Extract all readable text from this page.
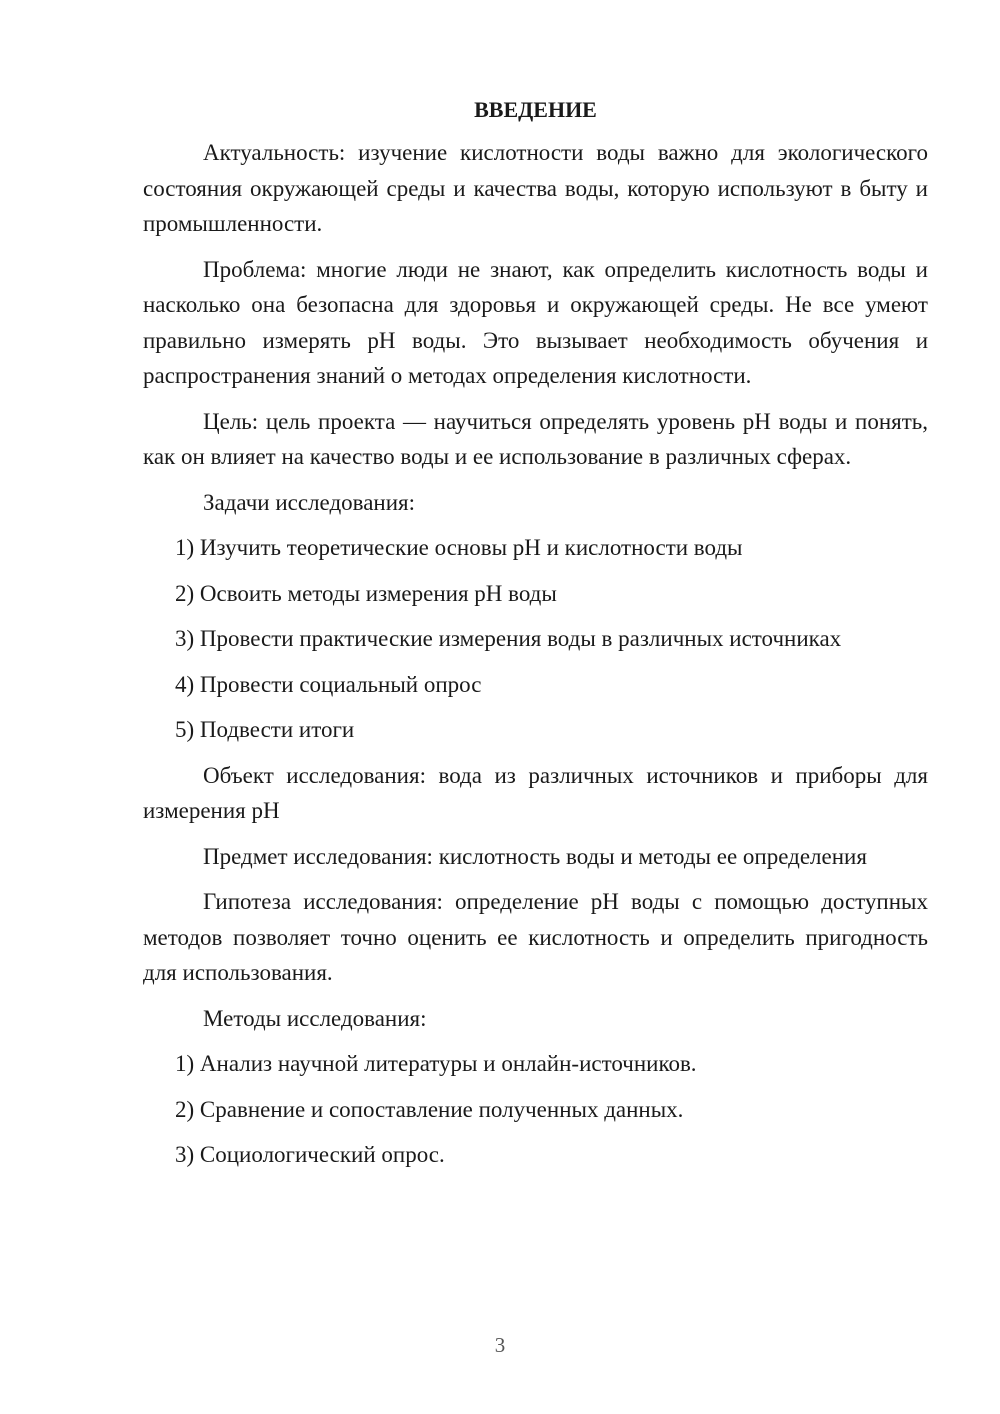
ВВЕДЕНИЕ

Актуальность: изучение кислотности воды важно для экологического состояния окружающей среды и качества воды, которую используют в быту и промышленности.

Проблема: многие люди не знают, как определить кислотность воды и насколько она безопасна для здоровья и окружающей среды. Не все умеют правильно измерять pH воды. Это вызывает необходимость обучения и распространения знаний о методах определения кислотности.

Цель: цель проекта — научиться определять уровень pH воды и понять, как он влияет на качество воды и ее использование в различных сферах.

Задачи исследования:

1) Изучить теоретические основы pH и кислотности воды

2) Освоить методы измерения pH воды

3) Провести практические измерения воды в различных источниках

4) Провести социальный опрос

5) Подвести итоги

Объект исследования: вода из различных источников и приборы для измерения pH

Предмет исследования: кислотность воды и методы ее определения

Гипотеза исследования: определение pH воды с помощью доступных методов позволяет точно оценить ее кислотность и определить пригодность для использования.

Методы исследования:

1) Анализ научной литературы и онлайн-источников.

2) Сравнение и сопоставление полученных данных.

3) Социологический опрос.

3
